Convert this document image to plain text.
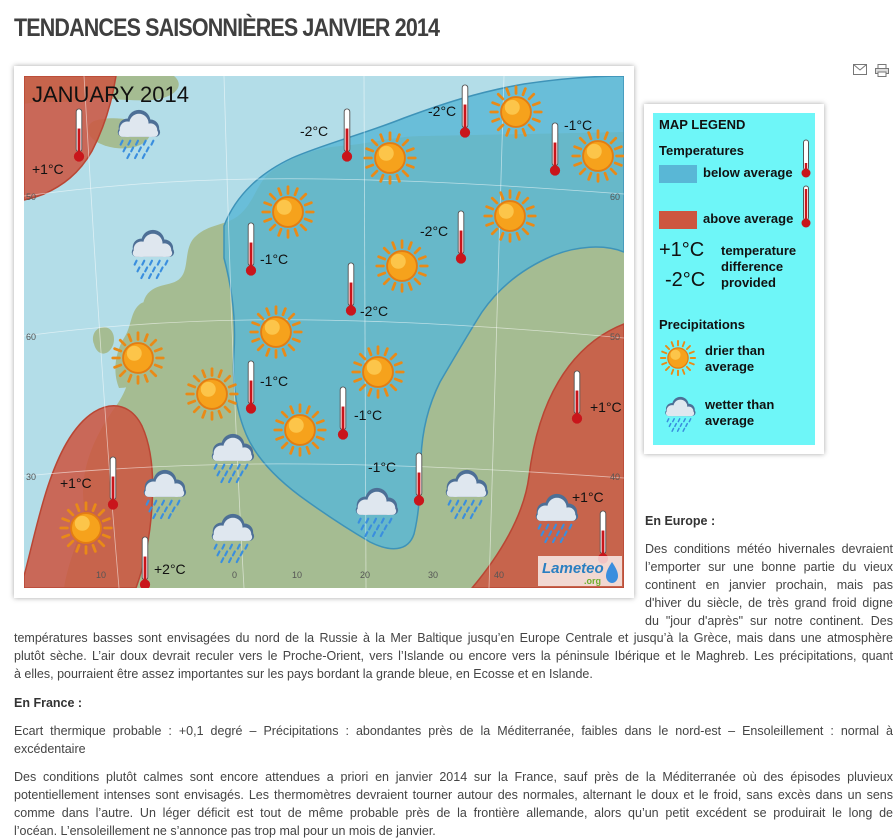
TENDANCES SAISONNIÈRES JANVIER 2014
10	0	10	20	30	40
50
60
60
50
40
30
JANUARY 2014
+1°C
-2°C
-2°C
-1°C
-1°C
-2°C
-2°C
-1°C
-1°C	+1°C
-1°C
+1°C
+1°C
+2°C	Lameteo
.org
MAP LEGEND
Temperatures
below average
above average
+1°C
-2°C
temperature difference provided
Precipitations
drier than average
wetter than average

En Europe :

Des conditions météo hivernales devraient

l’emporter sur une bonne partie du vieux

continent en janvier prochain, mais pas

d'hiver du siècle, de très grand froid digne

du "jour d'après" sur notre continent. Des

températures basses sont envisagées du nord de la Russie à la Mer Baltique jusqu’en Europe Centrale et jusqu’à la Grèce, mais dans une atmosphère

plutôt sèche. L’air doux devrait reculer vers le Proche-Orient, vers l’Islande ou encore vers la péninsule Ibérique et le Maghreb. Les précipitations, quant

à elles, pourraient être assez importantes sur les pays bordant la grande bleue, en Ecosse et en Islande.

En France :

Ecart thermique probable : +0,1 degré – Précipitations : abondantes près de la Méditerranée, faibles dans le nord-est – Ensoleillement : normal à

excédentaire

Des conditions plutôt calmes sont encore attendues a priori en janvier 2014 sur la France, sauf près de la Méditerranée où des épisodes pluvieux

potentiellement intenses sont envisagés. Les thermomètres devraient tourner autour des normales, alternant le doux et le froid, sans excès dans un sens

comme dans l’autre. Un léger déficit est tout de même probable près de la frontière allemande, alors qu’un petit excédent se produirait le long de

l’océan. L’ensoleillement ne s’annonce pas trop mal pour un mois de janvier.
